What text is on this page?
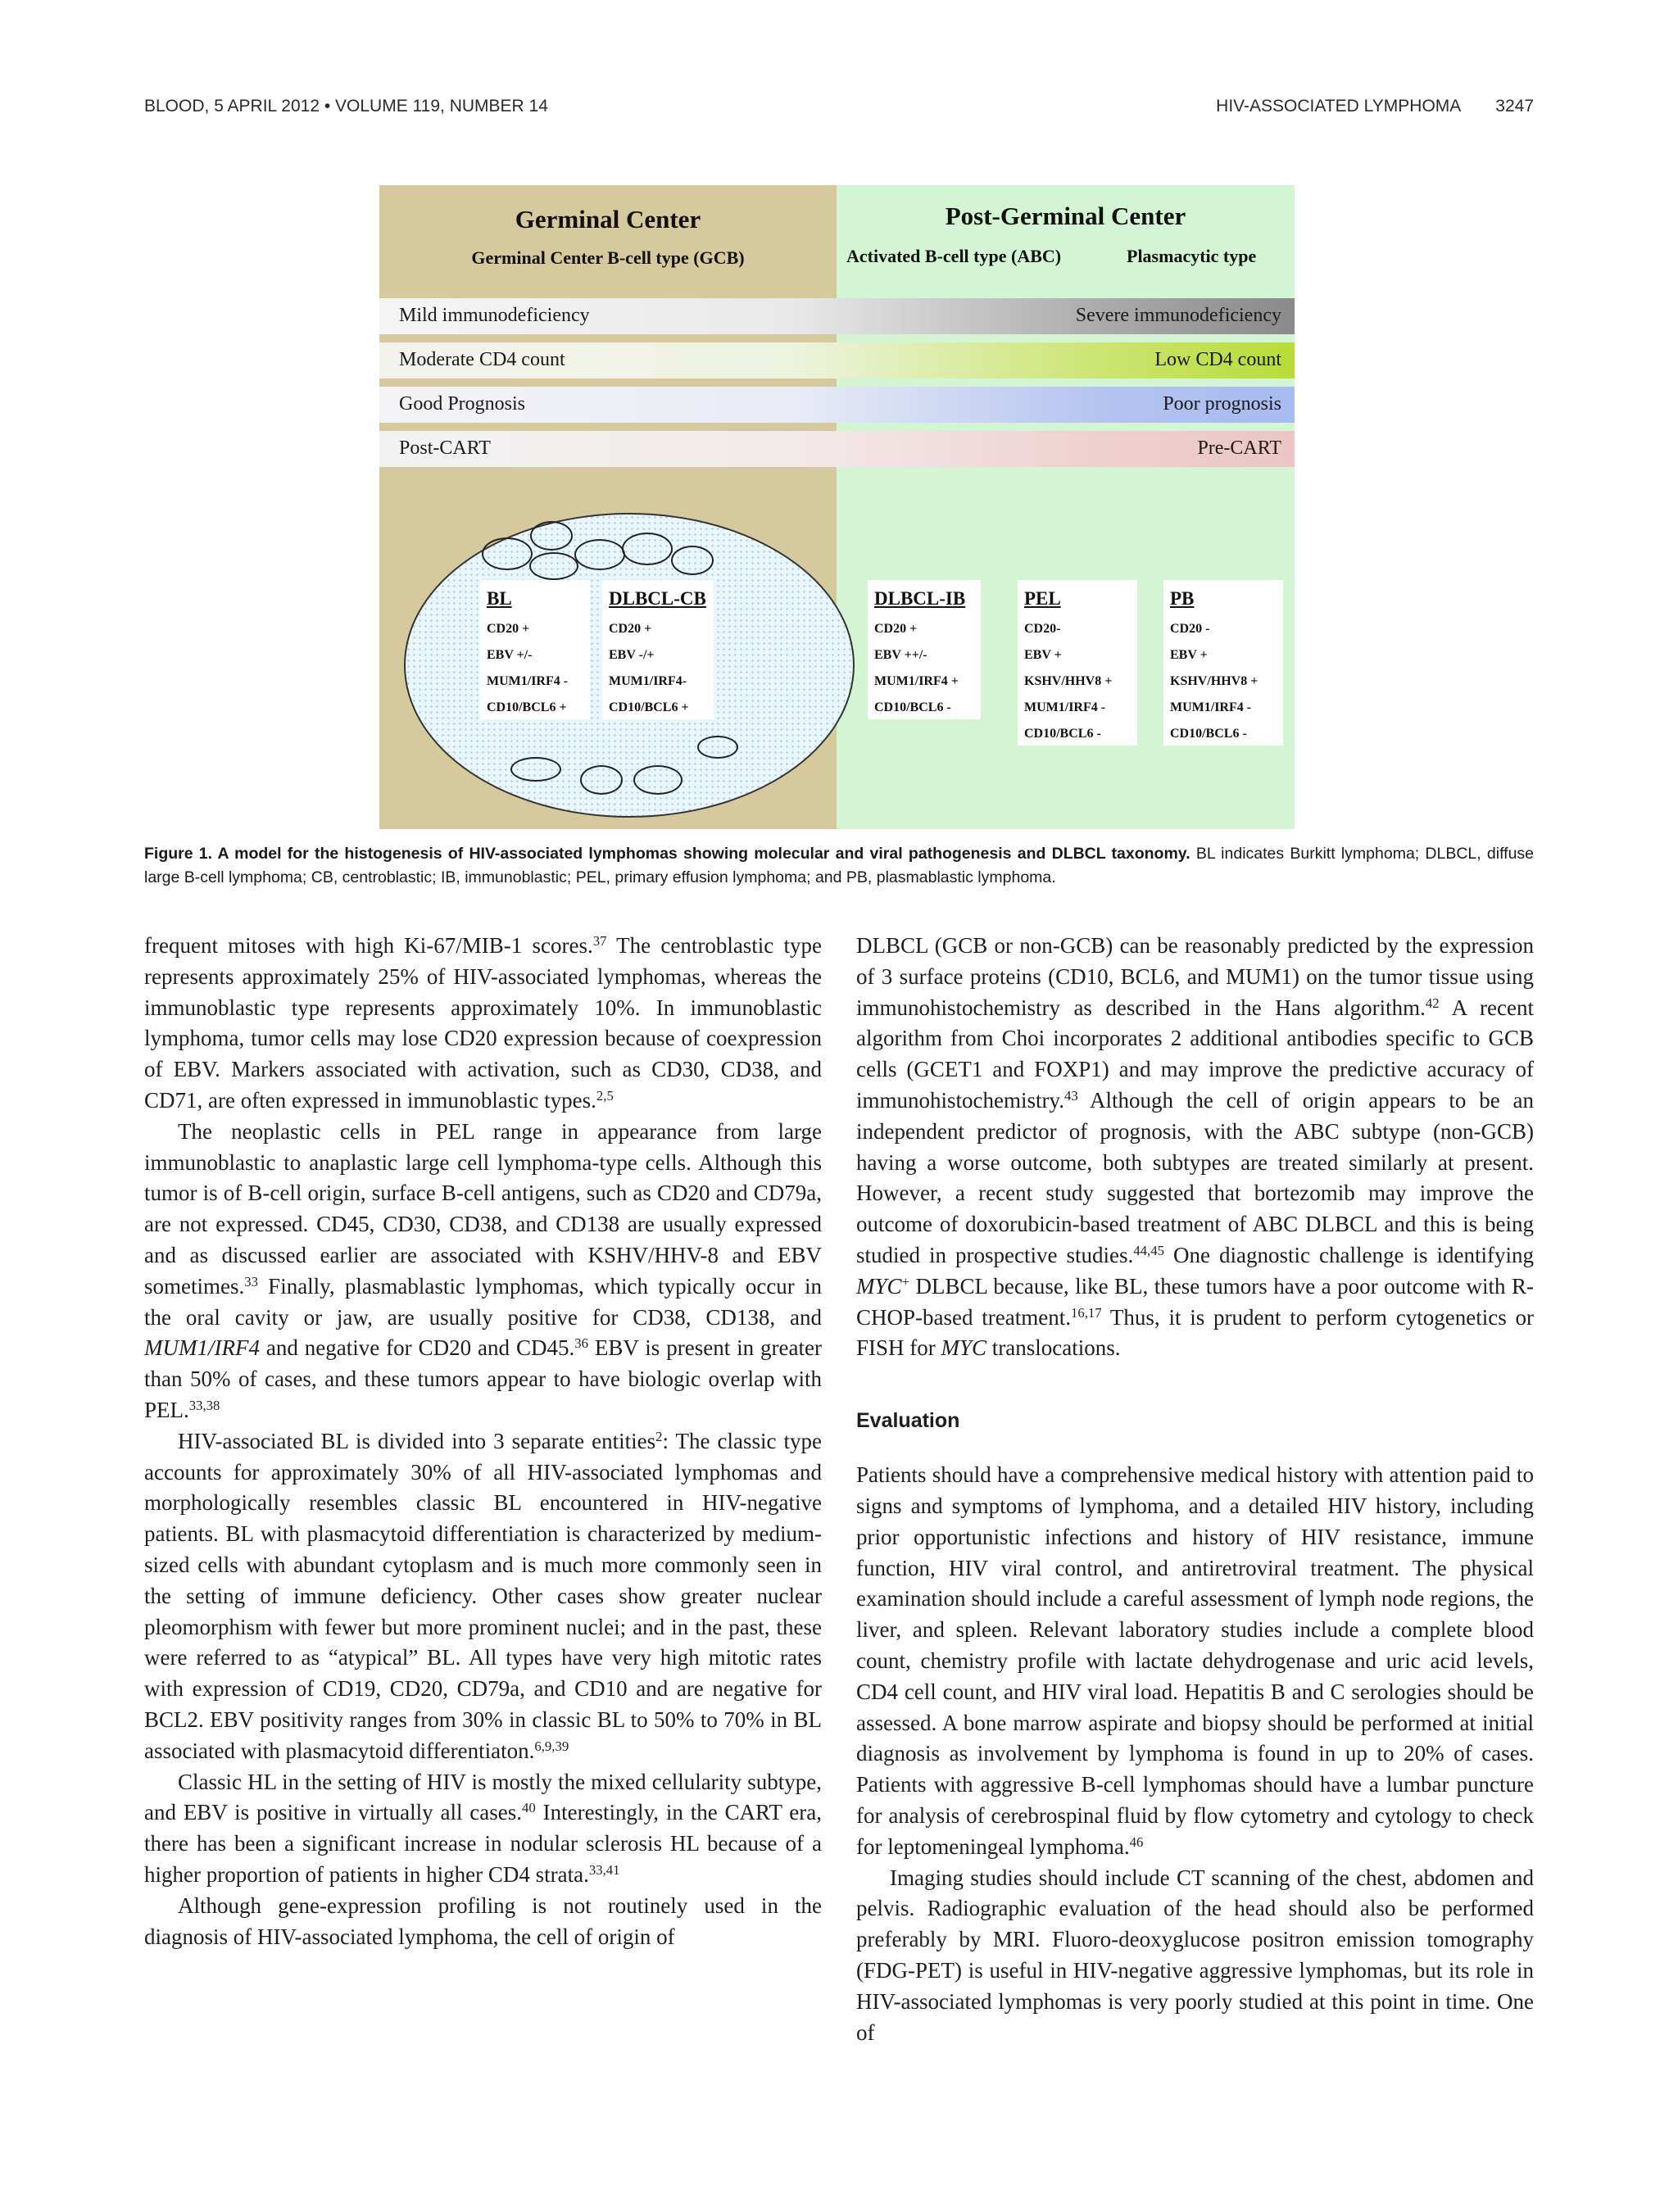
BLOOD, 5 APRIL 2012 • VOLUME 119, NUMBER 14	HIV-ASSOCIATED LYMPHOMA 3247
Germinal Center
Germinal Center B-cell type (GCB)
Post-Germinal Center
Activated B-cell type (ABC)	Plasmacytic type
Mild immunodeficiency	Severe immunodeficiency
Moderate CD4 count	Low CD4 count
Good Prognosis	Poor prognosis
Post-CART	Pre-CART
BL
CD20 +
EBV +/-
MUM1/IRF4 -
CD10/BCL6 +
DLBCL-CB
CD20 +
EBV -/+
MUM1/IRF4-
CD10/BCL6 +
DLBCL-IB
CD20 +
EBV ++/-
MUM1/IRF4 +
CD10/BCL6 -
PEL
CD20-
EBV +
KSHV/HHV8 +
MUM1/IRF4 -
CD10/BCL6 -
PB
CD20 -
EBV +
KSHV/HHV8 +
MUM1/IRF4 -
CD10/BCL6 -
Figure 1. A model for the histogenesis of HIV-associated lymphomas showing molecular and viral pathogenesis and DLBCL taxonomy. BL indicates Burkitt lymphoma; DLBCL, diffuse large B-cell lymphoma; CB, centroblastic; IB, immunoblastic; PEL, primary effusion lymphoma; and PB, plasmablastic lymphoma.

frequent mitoses with high Ki-67/MIB-1 scores.$^{37}$ The centroblastic type represents approximately 25% of HIV-associated lymphomas, whereas the immunoblastic type represents approximately 10%. In immunoblastic lymphoma, tumor cells may lose CD20 expression because of coexpression of EBV. Markers associated with activation, such as CD30, CD38, and CD71, are often expressed in immunoblastic types.$^{2,5}$

The neoplastic cells in PEL range in appearance from large immunoblastic to anaplastic large cell lymphoma-type cells. Although this tumor is of B-cell origin, surface B-cell antigens, such as CD20 and CD79a, are not expressed. CD45, CD30, CD38, and CD138 are usually expressed and as discussed earlier are associated with KSHV/HHV-8 and EBV sometimes.$^{33}$ Finally, plasmablastic lymphomas, which typically occur in the oral cavity or jaw, are usually positive for CD38, CD138, and MUM1/IRF4 and negative for CD20 and CD45.36 EBV is present in greater than 50% of cases, and these tumors appear to have biologic overlap with PEL.$^{33,38}$

HIV-associated BL is divided into 3 separate entities$^2$: The classic type accounts for approximately 30% of all HIV-associated lymphomas and morphologically resembles classic BL encountered in HIV-negative patients. BL with plasmacytoid differentiation is characterized by medium-sized cells with abundant cytoplasm and is much more commonly seen in the setting of immune deficiency. Other cases show greater nuclear pleomorphism with fewer but more prominent nuclei; and in the past, these were referred to as “atypical” BL. All types have very high mitotic rates with expression of CD19, CD20, CD79a, and CD10 and are negative for BCL2. EBV positivity ranges from 30% in classic BL to 50% to 70% in BL associated with plasmacytoid differentiaton.$^{6,9,39}$

Classic HL in the setting of HIV is mostly the mixed cellularity subtype, and EBV is positive in virtually all cases.$^{40}$ Interestingly, in the CART era, there has been a significant increase in nodular sclerosis HL because of a higher proportion of patients in higher CD4 strata.$^{33,41}$

Although gene-expression profiling is not routinely used in the diagnosis of HIV-associated lymphoma, the cell of origin of

DLBCL (GCB or non-GCB) can be reasonably predicted by the expression of 3 surface proteins (CD10, BCL6, and MUM1) on the tumor tissue using immunohistochemistry as described in the Hans algorithm.$^{42}$ A recent algorithm from Choi incorporates 2 additional antibodies specific to GCB cells (GCET1 and FOXP1) and may improve the predictive accuracy of immunohistochemistry.$^{43}$ Although the cell of origin appears to be an independent predictor of prognosis, with the ABC subtype (non-GCB) having a worse outcome, both subtypes are treated similarly at present. However, a recent study suggested that bortezomib may improve the outcome of doxorubicin-based treatment of ABC DLBCL and this is being studied in prospective studies.$^{44,45}$ One diagnostic challenge is identifying MYC+ DLBCL because, like BL, these tumors have a poor outcome with R-CHOP-based treatment.$^{16,17}$ Thus, it is prudent to perform cytogenetics or FISH for MYC translocations.

Evaluation

Patients should have a comprehensive medical history with attention paid to signs and symptoms of lymphoma, and a detailed HIV history, including prior opportunistic infections and history of HIV resistance, immune function, HIV viral control, and antiretroviral treatment. The physical examination should include a careful assessment of lymph node regions, the liver, and spleen. Relevant laboratory studies include a complete blood count, chemistry profile with lactate dehydrogenase and uric acid levels, CD4 cell count, and HIV viral load. Hepatitis B and C serologies should be assessed. A bone marrow aspirate and biopsy should be performed at initial diagnosis as involvement by lymphoma is found in up to 20% of cases. Patients with aggressive B-cell lymphomas should have a lumbar puncture for analysis of cerebrospinal fluid by flow cytometry and cytology to check for leptomeningeal lymphoma.$^{46}$

Imaging studies should include CT scanning of the chest, abdomen and pelvis. Radiographic evaluation of the head should also be performed preferably by MRI. Fluoro-deoxyglucose positron emission tomography (FDG-PET) is useful in HIV-negative aggressive lymphomas, but its role in HIV-associated lymphomas is very poorly studied at this point in time. One of
